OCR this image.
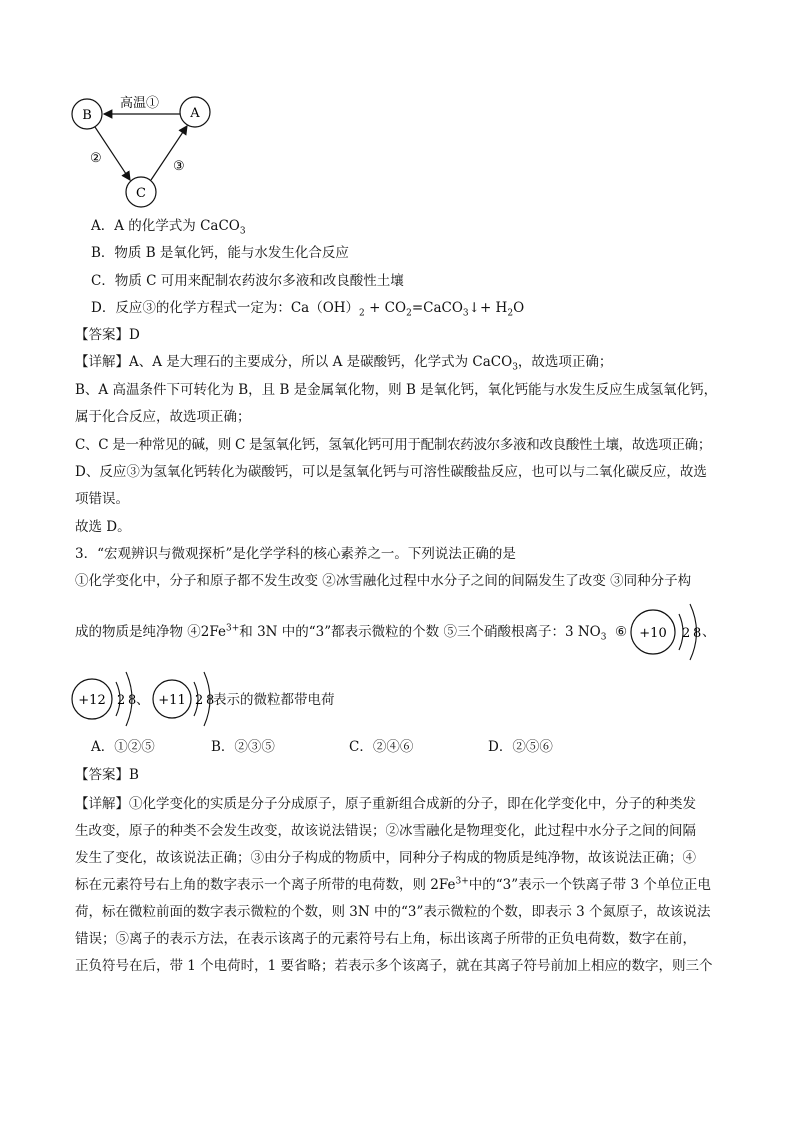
B	A
C
高温①
②
③
A．A 的化学式为 CaCO$_3$
B．物质 B 是氧化钙，能与水发生化合反应
C．物质 C 可用来配制农药波尔多液和改良酸性土壤
D．反应③的化学方程式一定为：$Ca(OH)_2$ + $CO_2=CaCO_3↓+ H_2O$
【答案】D
【详解】A、A 是大理石的主要成分，所以 A 是碳酸钙，化学式为 CaCO$_3$，故选项正确；
B、A 高温条件下可转化为 B，且 B 是金属氧化物，则 B 是氧化钙，氧化钙能与水发生反应生成氢氧化钙，
属于化合反应，故选项正确；
C、C 是一种常见的碱，则 C 是氢氧化钙，氢氧化钙可用于配制农药波尔多液和改良酸性土壤，故选项正确；
D、反应③为氢氧化钙转化为碳酸钙，可以是氢氧化钙与可溶性碳酸盐反应，也可以与二氧化碳反应，故选
项错误。
故选 D。
3．“宏观辨识与微观探析”是化学学科的核心素养之一。下列说法正确的是
①化学变化中，分子和原子都不发生改变 ②冰雪融化过程中水分子之间的间隔发生了改变 ③同种分子构
成的物质是纯净物 $④2Fe^{3+}$和 3N 中的“3”都表示微粒的个数 ⑤三个硝酸根离子：3 $NO_3$ ⑥ +10 2 8 、
+12 2 8 、 +11 2 8
表示的微粒都带电荷
A．①②⑤	B．②③⑤	C．②④⑥	D．②⑤⑥
【答案】B
【详解】①化学变化的实质是分子分成原子，原子重新组合成新的分子，即在化学变化中，分子的种类发
生改变，原子的种类不会发生改变，故该说法错误；②冰雪融化是物理变化，此过程中水分子之间的间隔
发生了变化，故该说法正确；③由分子构成的物质中，同种分子构成的物质是纯净物，故该说法正确；④
标在元素符号右上角的数字表示一个离子所带的电荷数，则 $2Fe^{3+}$中的“3”表示一个铁离子带 3 个单位正电
荷，标在微粒前面的数字表示微粒的个数，则 3N 中的“3”表示微粒的个数，即表示 3 个氮原子，故该说法
错误；⑤离子的表示方法，在表示该离子的元素符号右上角，标出该离子所带的正负电荷数，数字在前，
正负符号在后，带 1 个电荷时，1 要省略；若表示多个该离子，就在其离子符号前加上相应的数字，则三个
